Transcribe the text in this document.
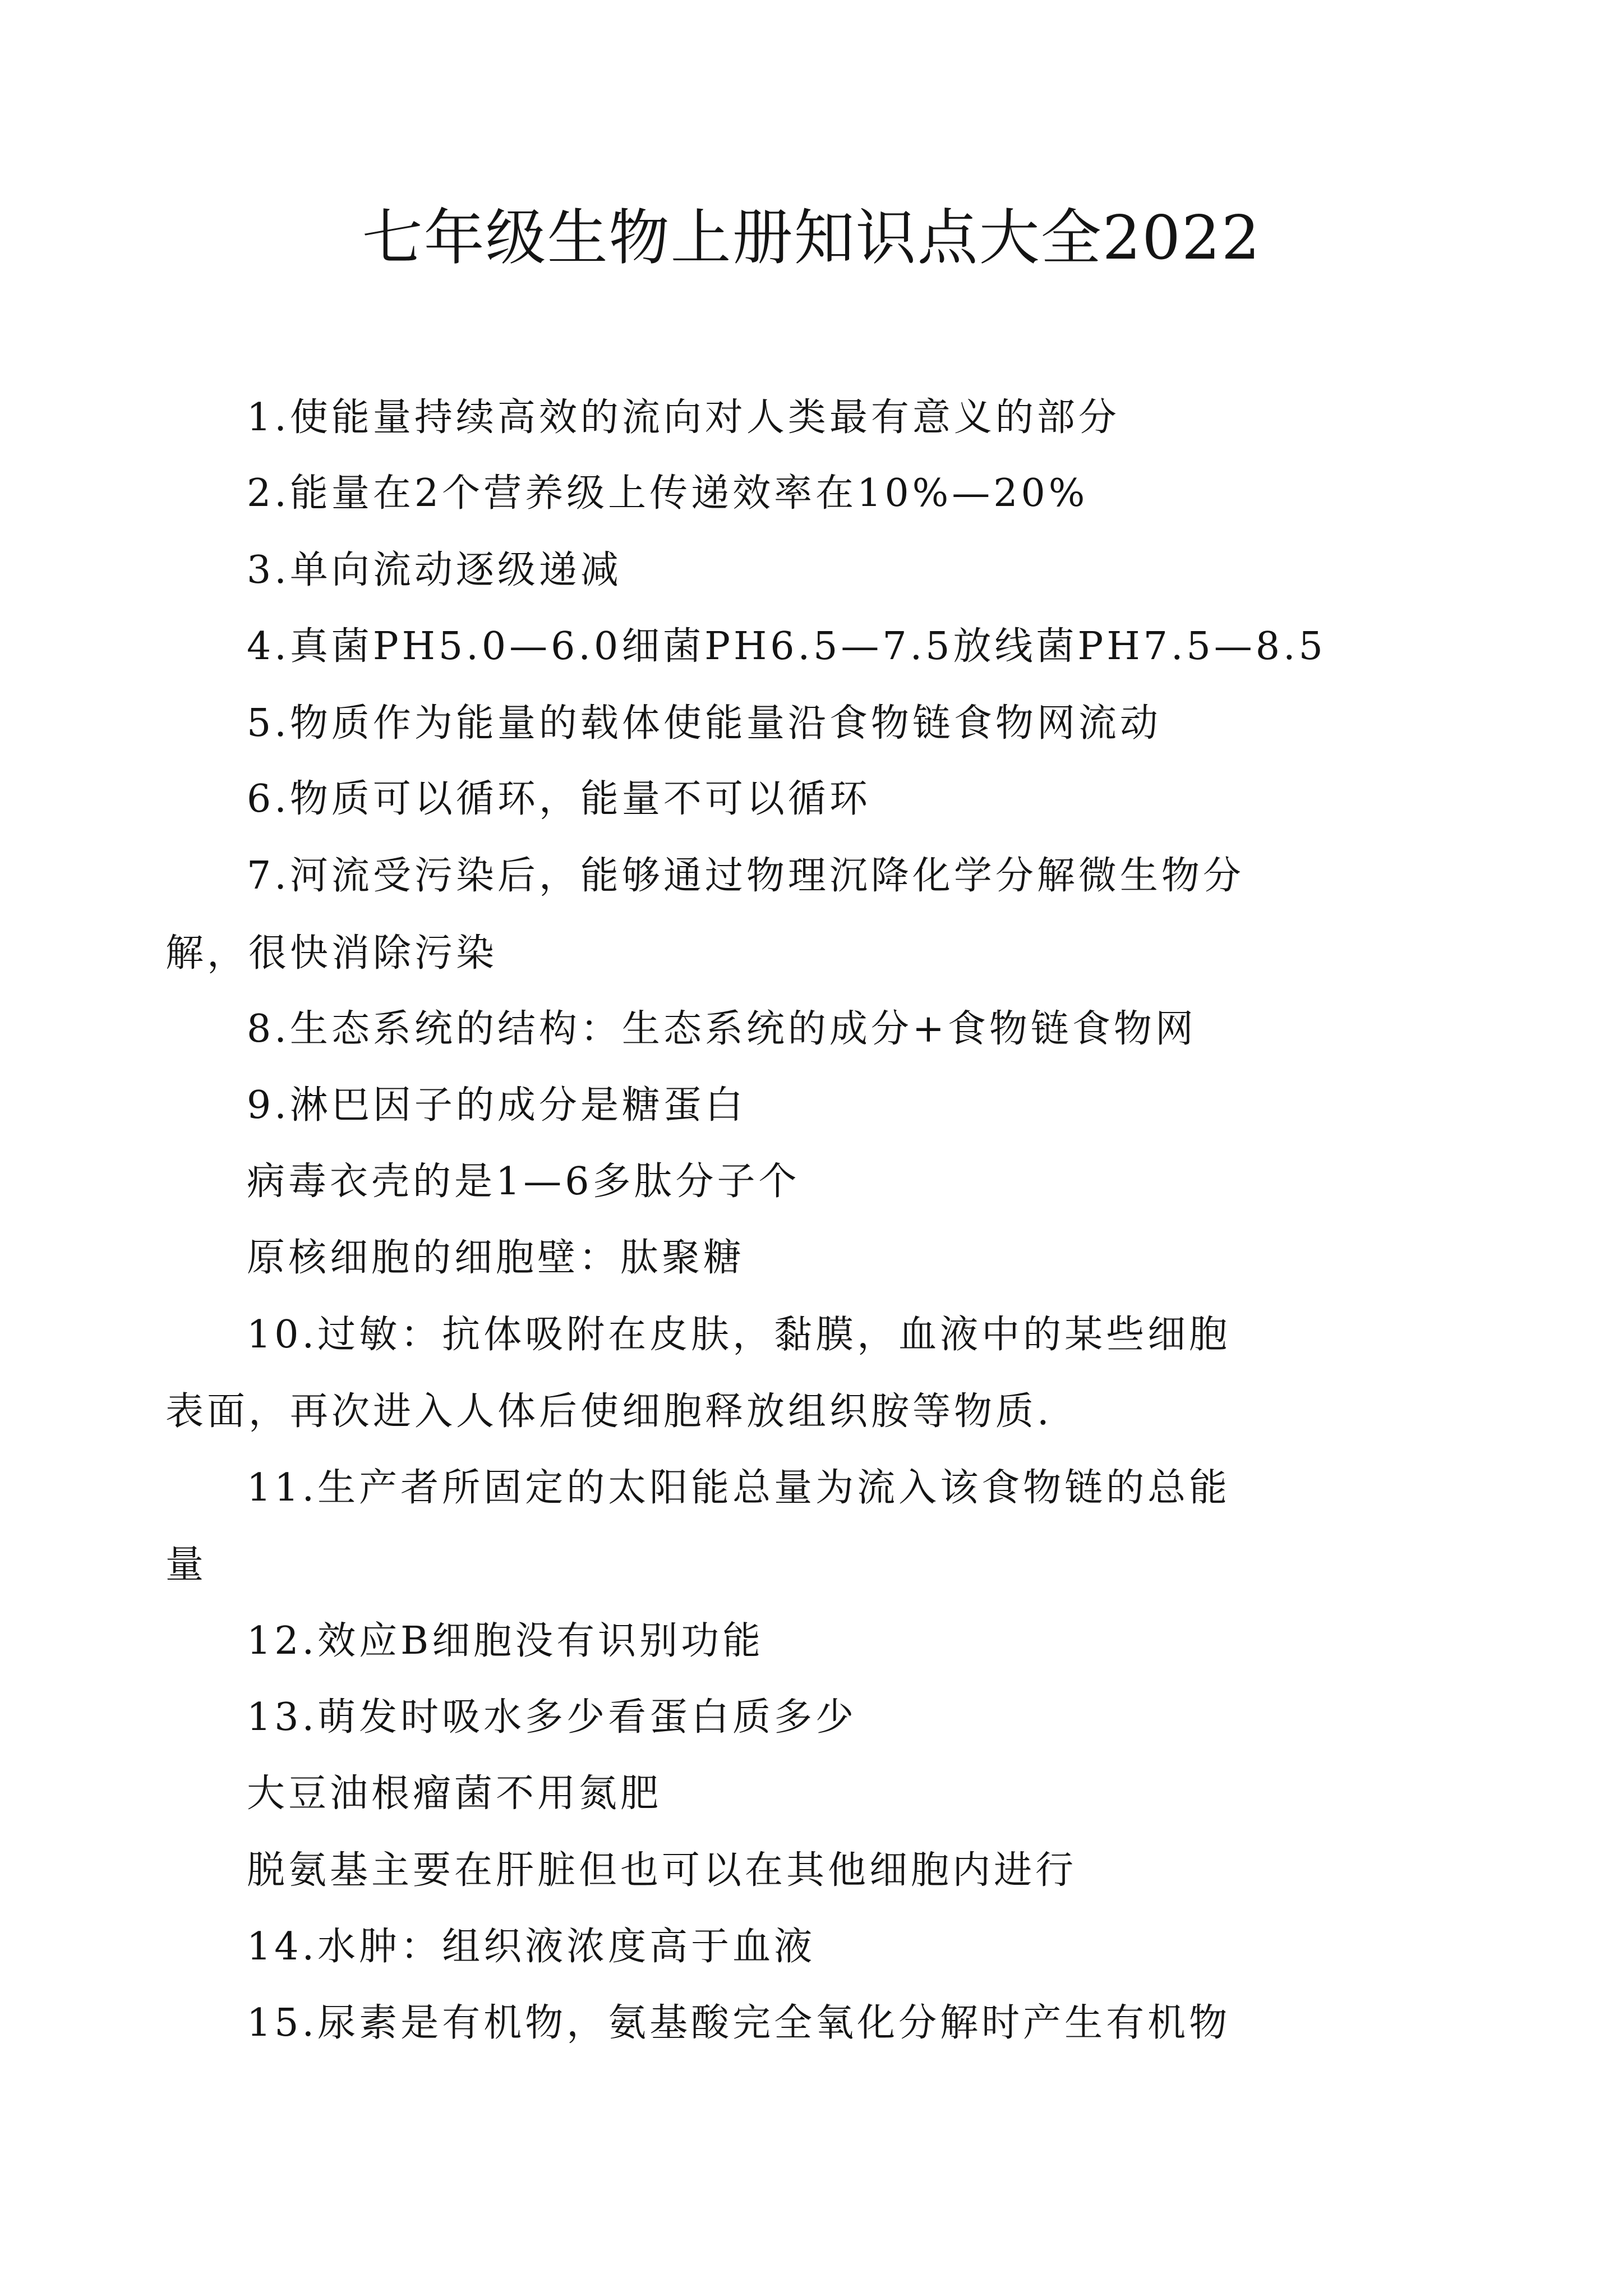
七年级生物上册知识点大全2022
1.使能量持续高效的流向对人类最有意义的部分
2.能量在2个营养级上传递效率在10%—20%
3.单向流动逐级递减
4.真菌PH5.0—6.0细菌PH6.5—7.5放线菌PH7.5—8.5
5.物质作为能量的载体使能量沿食物链食物网流动
6.物质可以循环，能量不可以循环
7.河流受污染后，能够通过物理沉降化学分解微生物分
解，很快消除污染
8.生态系统的结构：生态系统的成分+食物链食物网
9.淋巴因子的成分是糖蛋白
病毒衣壳的是1—6多肽分子个
原核细胞的细胞壁：肽聚糖
10.过敏：抗体吸附在皮肤，黏膜，血液中的某些细胞
表面，再次进入人体后使细胞释放组织胺等物质.
11.生产者所固定的太阳能总量为流入该食物链的总能
量
12.效应B细胞没有识别功能
13.萌发时吸水多少看蛋白质多少
大豆油根瘤菌不用氮肥
脱氨基主要在肝脏但也可以在其他细胞内进行
14.水肿：组织液浓度高于血液
15.尿素是有机物，氨基酸完全氧化分解时产生有机物
